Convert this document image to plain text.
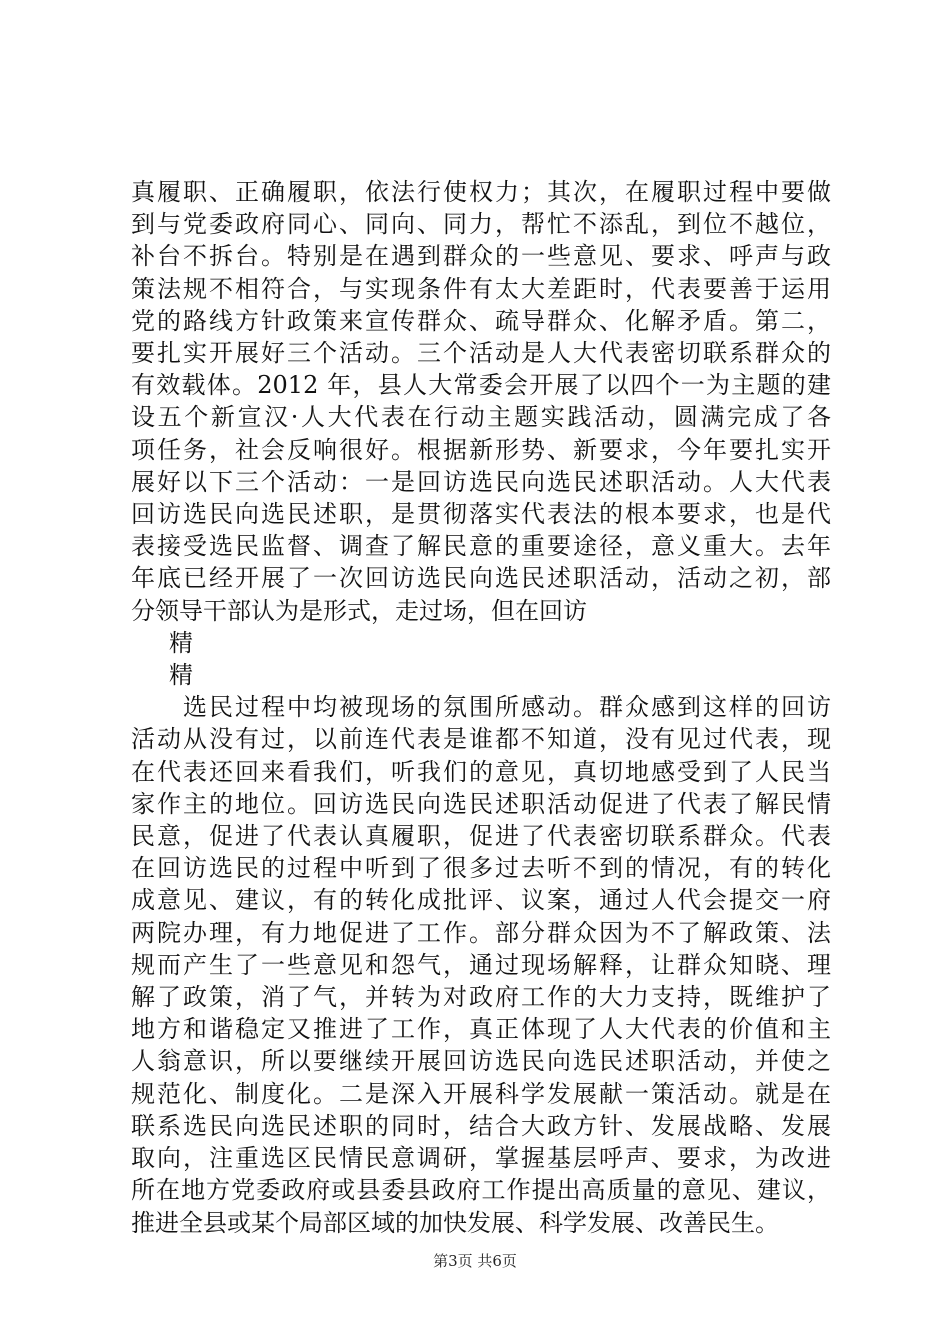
真履职、正确履职，依法行使权力；其次，在履职过程中要做
到与党委政府同心、同向、同力，帮忙不添乱，到位不越位，
补台不拆台。特别是在遇到群众的一些意见、要求、呼声与政
策法规不相符合，与实现条件有太大差距时，代表要善于运用
党的路线方针政策来宣传群众、疏导群众、化解矛盾。第二，
要扎实开展好三个活动。三个活动是人大代表密切联系群众的
有效载体。2012 年，县人大常委会开展了以四个一为主题的建
设五个新宣汉·人大代表在行动主题实践活动，圆满完成了各
项任务，社会反响很好。根据新形势、新要求，今年要扎实开
展好以下三个活动：一是回访选民向选民述职活动。人大代表
回访选民向选民述职，是贯彻落实代表法的根本要求，也是代
表接受选民监督、调查了解民意的重要途径，意义重大。去年
年底已经开展了一次回访选民向选民述职活动，活动之初，部
分领导干部认为是形式，走过场，但在回访
精
精
　　选民过程中均被现场的氛围所感动。群众感到这样的回访
活动从没有过，以前连代表是谁都不知道，没有见过代表，现
在代表还回来看我们，听我们的意见，真切地感受到了人民当
家作主的地位。回访选民向选民述职活动促进了代表了解民情
民意，促进了代表认真履职，促进了代表密切联系群众。代表
在回访选民的过程中听到了很多过去听不到的情况，有的转化
成意见、建议，有的转化成批评、议案，通过人代会提交一府
两院办理，有力地促进了工作。部分群众因为不了解政策、法
规而产生了一些意见和怨气，通过现场解释，让群众知晓、理
解了政策，消了气，并转为对政府工作的大力支持，既维护了
地方和谐稳定又推进了工作，真正体现了人大代表的价值和主
人翁意识，所以要继续开展回访选民向选民述职活动，并使之
规范化、制度化。二是深入开展科学发展献一策活动。就是在
联系选民向选民述职的同时，结合大政方针、发展战略、发展
取向，注重选区民情民意调研，掌握基层呼声、要求，为改进
所在地方党委政府或县委县政府工作提出高质量的意见、建议，
推进全县或某个局部区域的加快发展、科学发展、改善民生。
第3页 共6页
